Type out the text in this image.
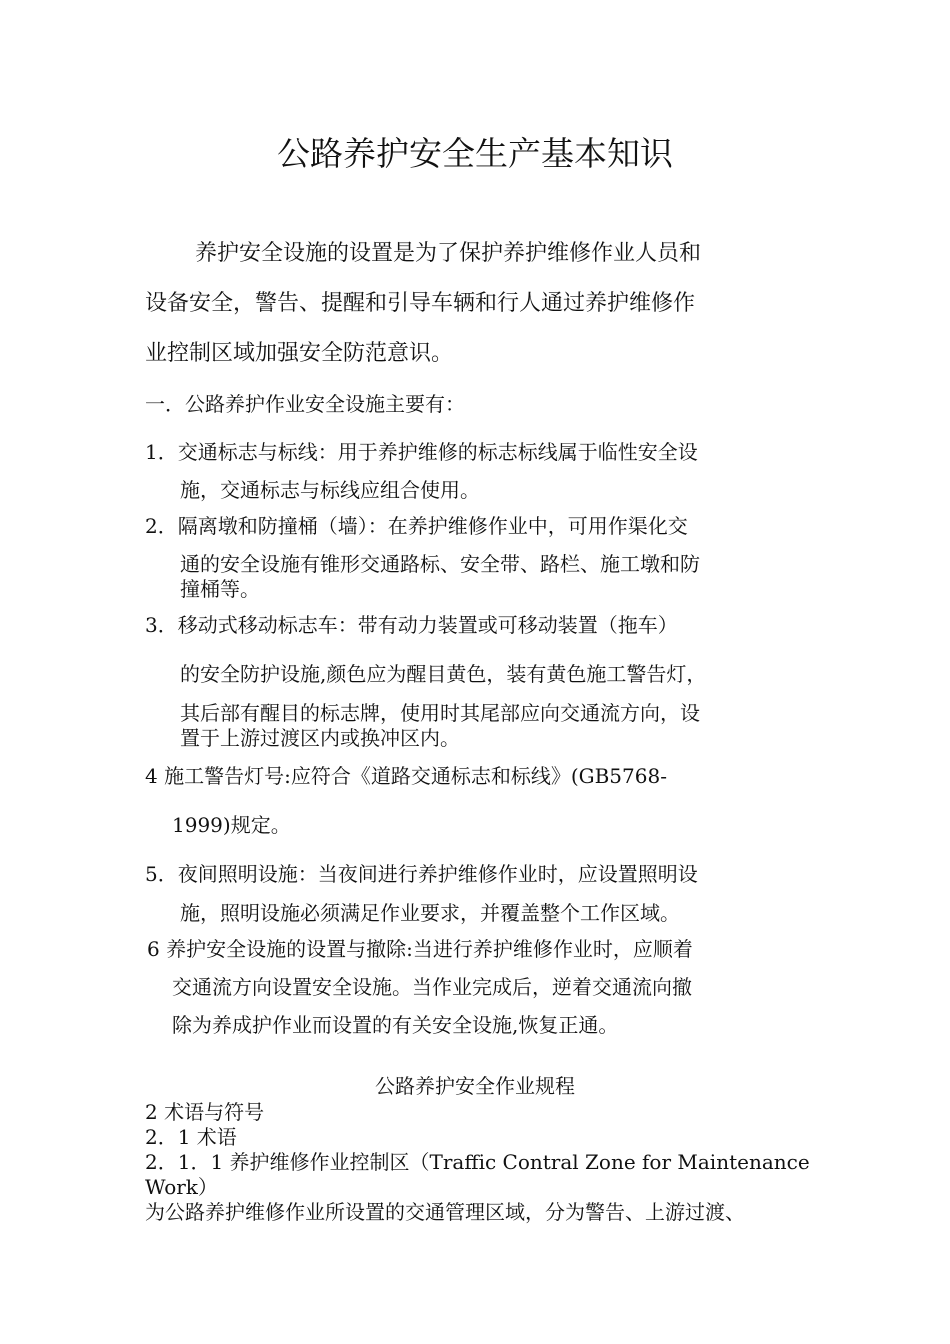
公路养护安全生产基本知识
养护安全设施的设置是为了保护养护维修作业人员和
设备安全，警告、提醒和引导车辆和行人通过养护维修作
业控制区域加强安全防范意识。
一．公路养护作业安全设施主要有：
1．交通标志与标线：用于养护维修的标志标线属于临性安全设
施，交通标志与标线应组合使用。
2．隔离墩和防撞桶（墙）：在养护维修作业中，可用作渠化交
通的安全设施有锥形交通路标、安全带、路栏、施工墩和防
撞桶等。
3．移动式移动标志车：带有动力装置或可移动装置（拖车）
的安全防护设施,颜色应为醒目黄色，装有黄色施工警告灯，
其后部有醒目的标志牌，使用时其尾部应向交通流方向，设
置于上游过渡区内或换冲区内。
4 施工警告灯号:应符合《道路交通标志和标线》(GB5768-
1999)规定。
5．夜间照明设施：当夜间进行养护维修作业时，应设置照明设
施，照明设施必须满足作业要求，并覆盖整个工作区域。
6 养护安全设施的设置与撤除:当进行养护维修作业时，应顺着
交通流方向设置安全设施。当作业完成后，逆着交通流向撤
除为养成护作业而设置的有关安全设施,恢复正通。
公路养护安全作业规程
2 术语与符号
2．1 术语
2．1．1 养护维修作业控制区（Traffic Contral Zone for Maintenance
Work）
为公路养护维修作业所设置的交通管理区域，分为警告、上游过渡、
